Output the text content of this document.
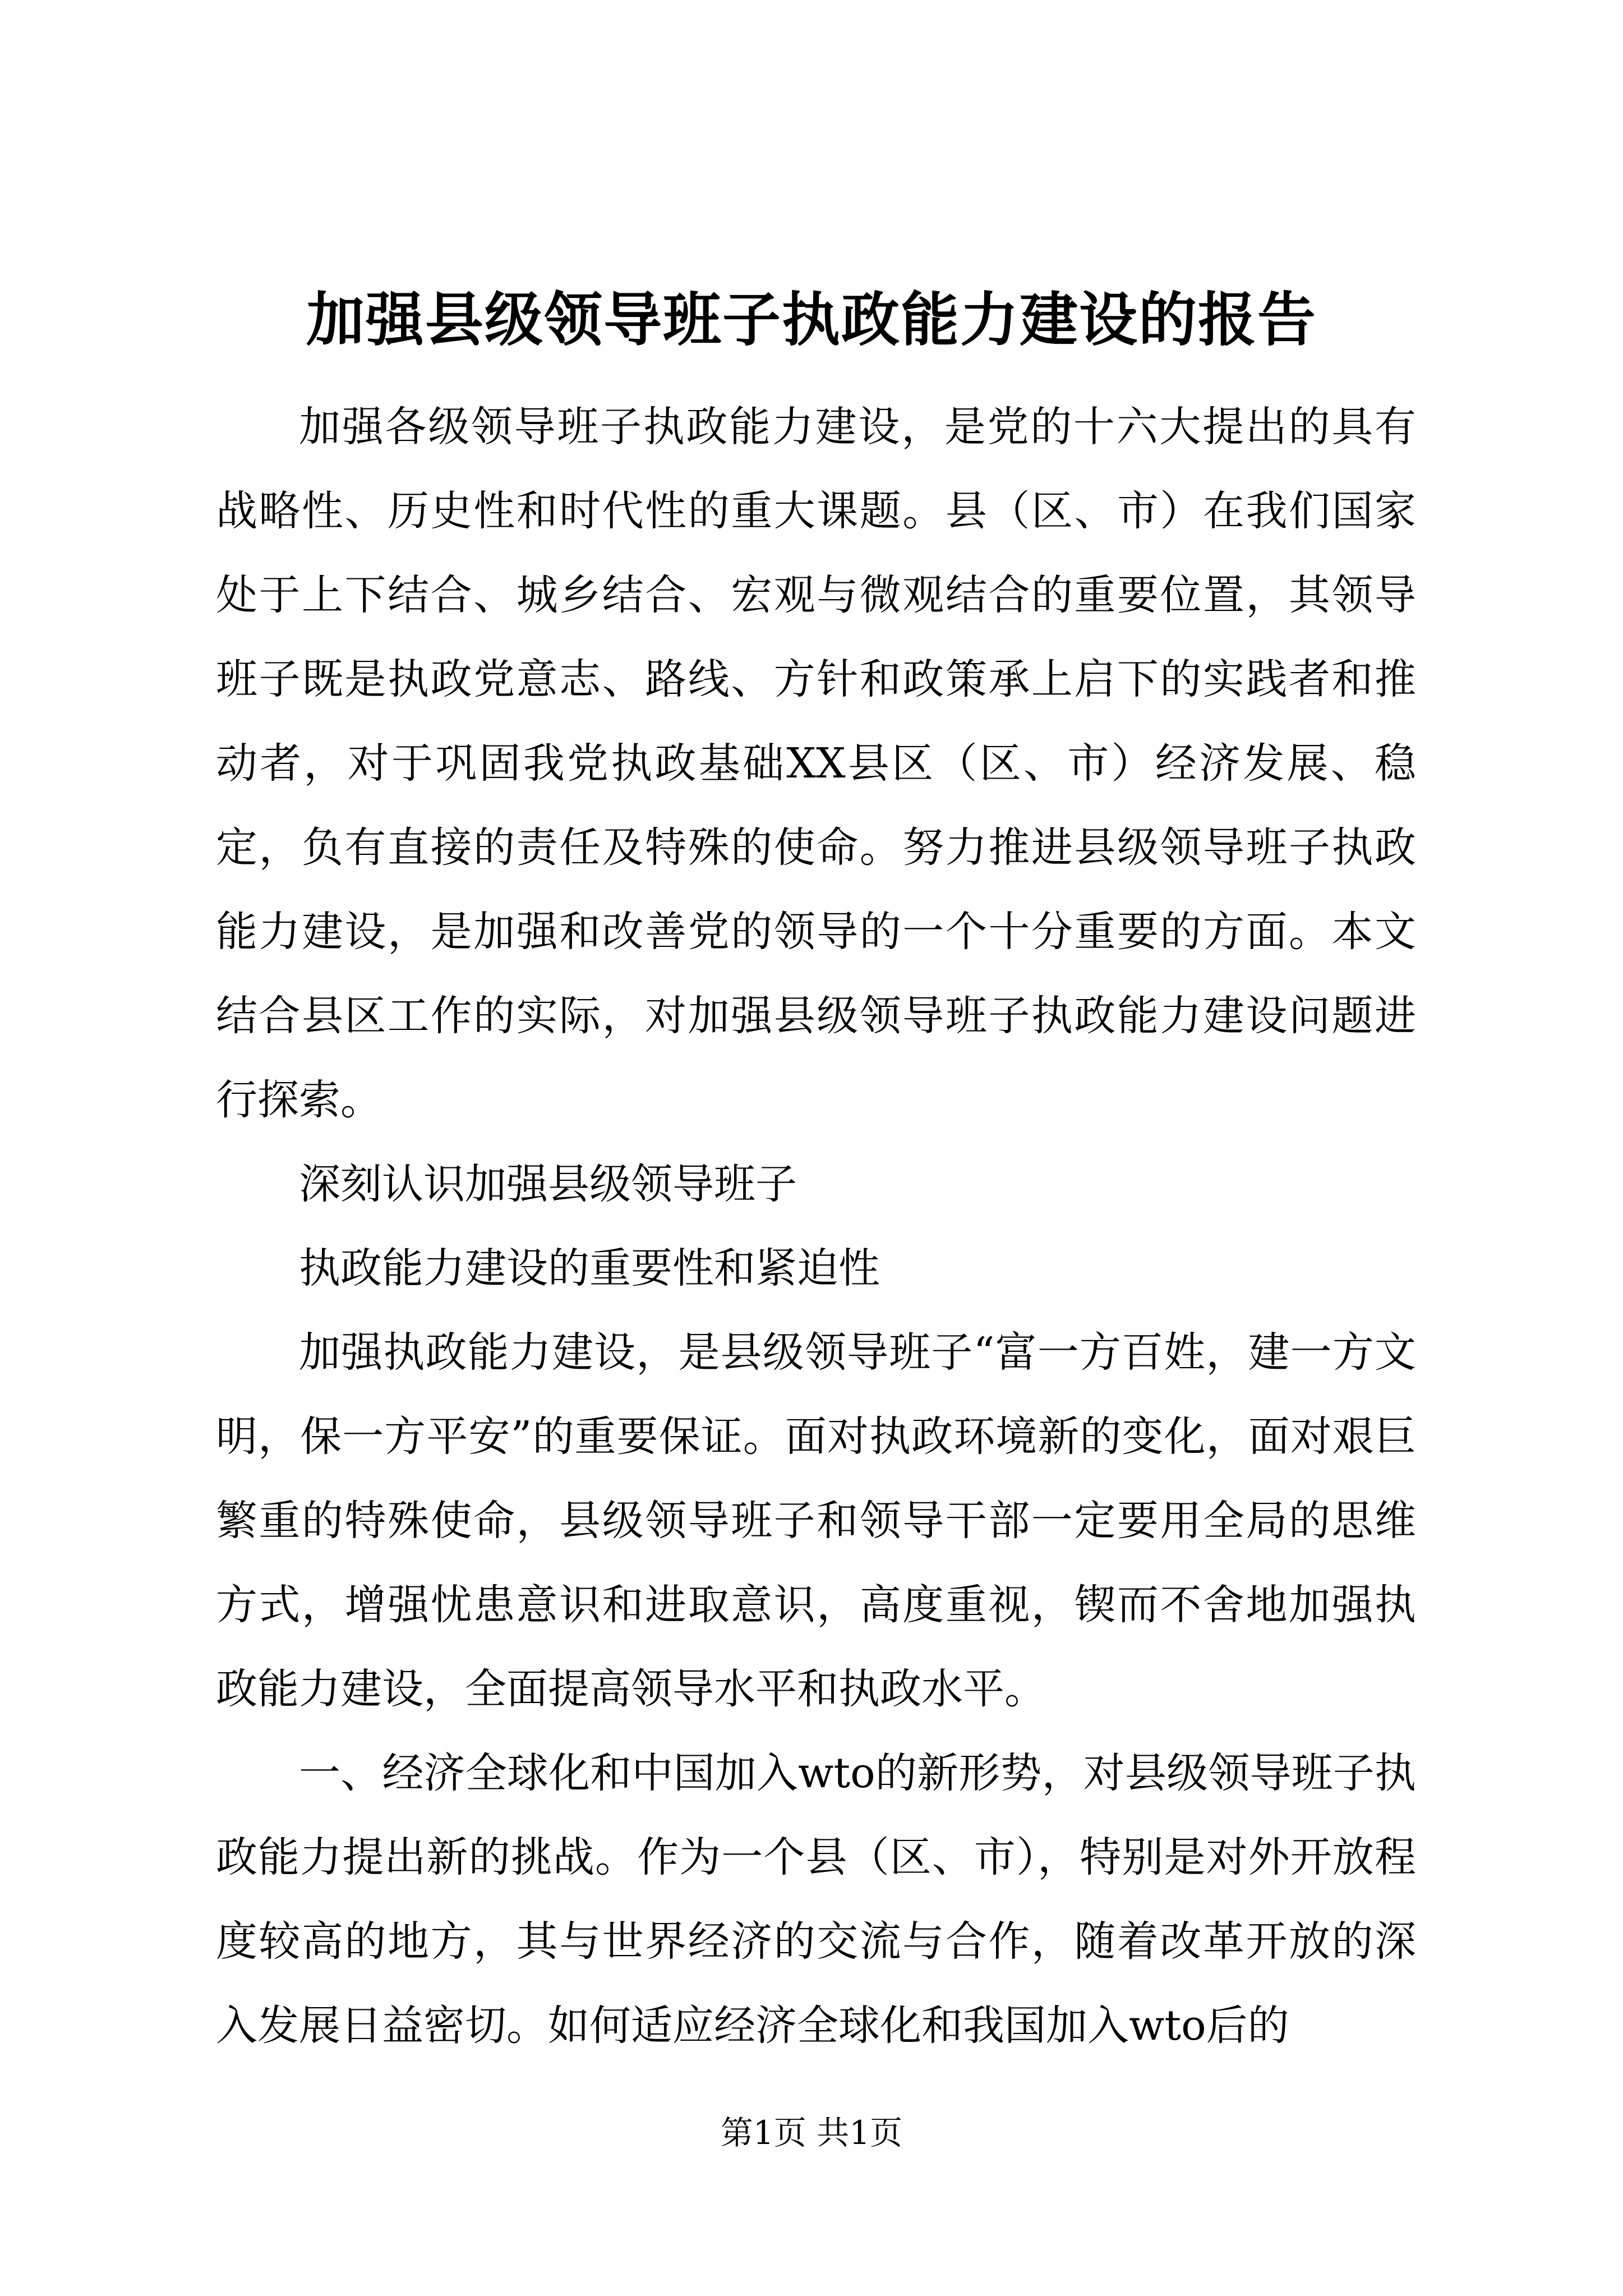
加强县级领导班子执政能力建设的报告

加强各级领导班子执政能力建设，是党的十六大提出的具有战略性、历史性和时代性的重大课题。县（区、市）在我们国家处于上下结合、城乡结合、宏观与微观结合的重要位置，其领导班子既是执政党意志、路线、方针和政策承上启下的实践者和推动者，对于巩固我党执政基础XX县区（区、市）经济发展、稳定，负有直接的责任及特殊的使命。努力推进县级领导班子执政能力建设，是加强和改善党的领导的一个十分重要的方面。本文结合县区工作的实际，对加强县级领导班子执政能力建设问题进行探索。

深刻认识加强县级领导班子

执政能力建设的重要性和紧迫性

加强执政能力建设，是县级领导班子“富一方百姓，建一方文明，保一方平安”的重要保证。面对执政环境新的变化，面对艰巨繁重的特殊使命，县级领导班子和领导干部一定要用全局的思维方式，增强忧患意识和进取意识，高度重视，锲而不舍地加强执政能力建设，全面提高领导水平和执政水平。

一、经济全球化和中国加入wto的新形势，对县级领导班子执政能力提出新的挑战。作为一个县（区、市），特别是对外开放程度较高的地方，其与世界经济的交流与合作，随着改革开放的深入发展日益密切。如何适应经济全球化和我国加入wto后的

第1页 共1页
